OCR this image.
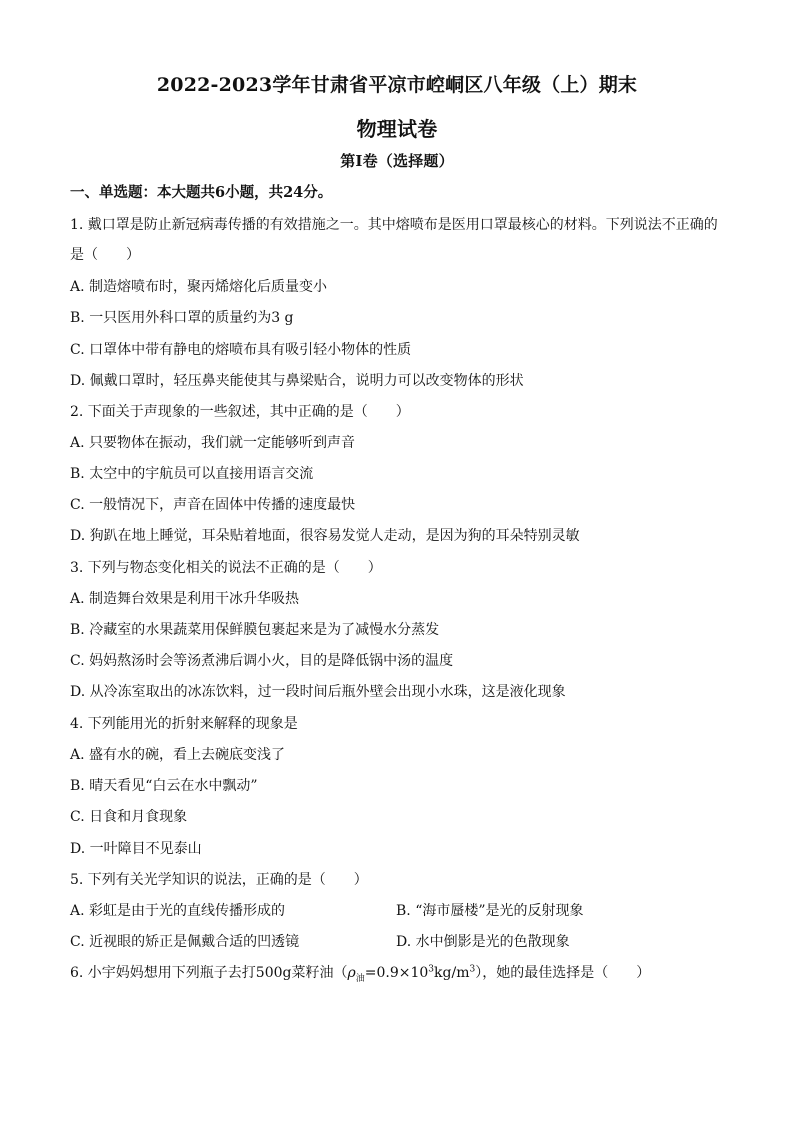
2022-2023学年甘肃省平凉市崆峒区八年级（上）期末
物理试卷
第I卷（选择题）
一、单选题：本大题共6小题，共24分。
1. 戴口罩是防止新冠病毒传播的有效措施之一。其中熔喷布是医用口罩最核心的材料。下列说法不正确的
是（　　）
A. 制造熔喷布时，聚丙烯熔化后质量变小
B. 一只医用外科口罩的质量约为3 g
C. 口罩体中带有静电的熔喷布具有吸引轻小物体的性质
D. 佩戴口罩时，轻压鼻夹能使其与鼻梁贴合，说明力可以改变物体的形状
2. 下面关于声现象的一些叙述，其中正确的是（　　）
A. 只要物体在振动，我们就一定能够听到声音
B. 太空中的宇航员可以直接用语言交流
C. 一般情况下，声音在固体中传播的速度最快
D. 狗趴在地上睡觉，耳朵贴着地面，很容易发觉人走动，是因为狗的耳朵特别灵敏
3. 下列与物态变化相关的说法不正确的是（　　）
A. 制造舞台效果是利用干冰升华吸热
B. 冷藏室的水果蔬菜用保鲜膜包裹起来是为了减慢水分蒸发
C. 妈妈熬汤时会等汤煮沸后调小火，目的是降低锅中汤的温度
D. 从冷冻室取出的冰冻饮料，过一段时间后瓶外壁会出现小水珠，这是液化现象
4. 下列能用光的折射来解释的现象是
A. 盛有水的碗，看上去碗底变浅了
B. 晴天看见“白云在水中飘动”
C. 日食和月食现象
D. 一叶障目不见泰山
5. 下列有关光学知识的说法，正确的是（　　）
A. 彩虹是由于光的直线传播形成的	B. “海市蜃楼”是光的反射现象
C. 近视眼的矫正是佩戴合适的凹透镜	D. 水中倒影是光的色散现象
6. 小宇妈妈想用下列瓶子去打500g菜籽油$(\rho_油=0.9\times 10^3kg/m^3)$，她的最佳选择是（　　）
